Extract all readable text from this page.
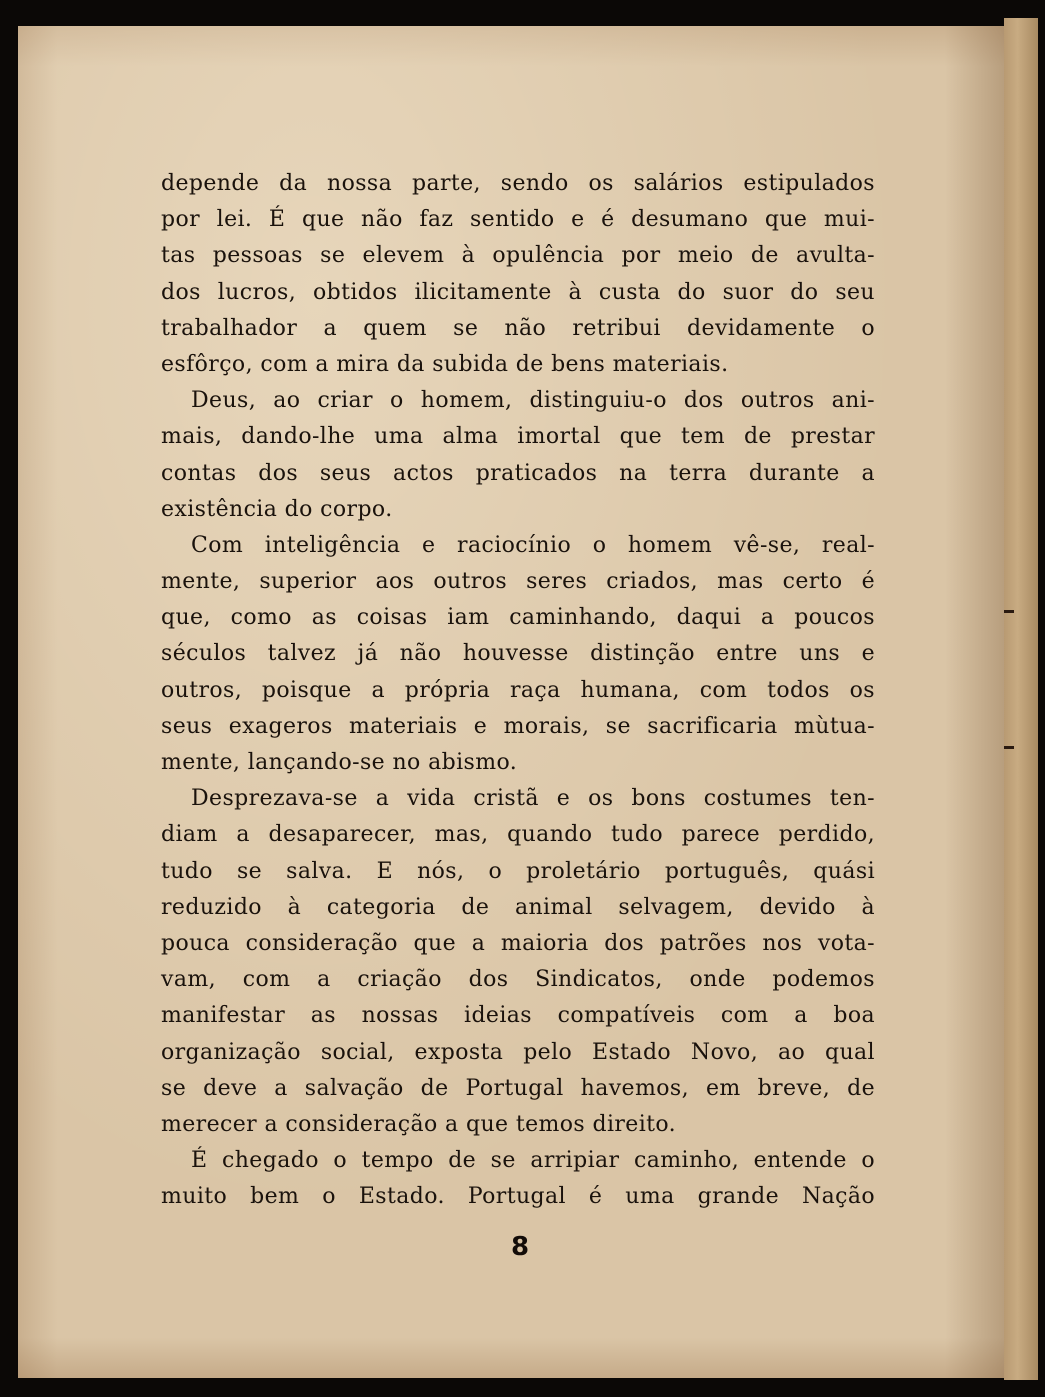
depende da nossa parte, sendo os salários estipulados
por lei. É que não faz sentido e é desumano que mui-
tas pessoas se elevem à opulência por meio de avulta-
dos lucros, obtidos ilicitamente à custa do suor do seu
trabalhador a quem se não retribui devidamente o
esfôrço, com a mira da subida de bens materiais.
Deus, ao criar o homem, distinguiu-o dos outros ani-
mais, dando-lhe uma alma imortal que tem de prestar
contas dos seus actos praticados na terra durante a
existência do corpo.
Com inteligência e raciocínio o homem vê-se, real-
mente, superior aos outros seres criados, mas certo é
que, como as coisas iam caminhando, daqui a poucos
séculos talvez já não houvesse distinção entre uns e
outros, poisque a própria raça humana, com todos os
seus exageros materiais e morais, se sacrificaria mùtua-
mente, lançando-se no abismo.
Desprezava-se a vida cristã e os bons costumes ten-
diam a desaparecer, mas, quando tudo parece perdido,
tudo se salva. E nós, o proletário português, quási
reduzido à categoria de animal selvagem, devido à
pouca consideração que a maioria dos patrões nos vota-
vam, com a criação dos Sindicatos, onde podemos
manifestar as nossas ideias compatíveis com a boa
organização social, exposta pelo Estado Novo, ao qual
se deve a salvação de Portugal havemos, em breve, de
merecer a consideração a que temos direito.
É chegado o tempo de se arripiar caminho, entende o
muito bem o Estado. Portugal é uma grande Nação
8
